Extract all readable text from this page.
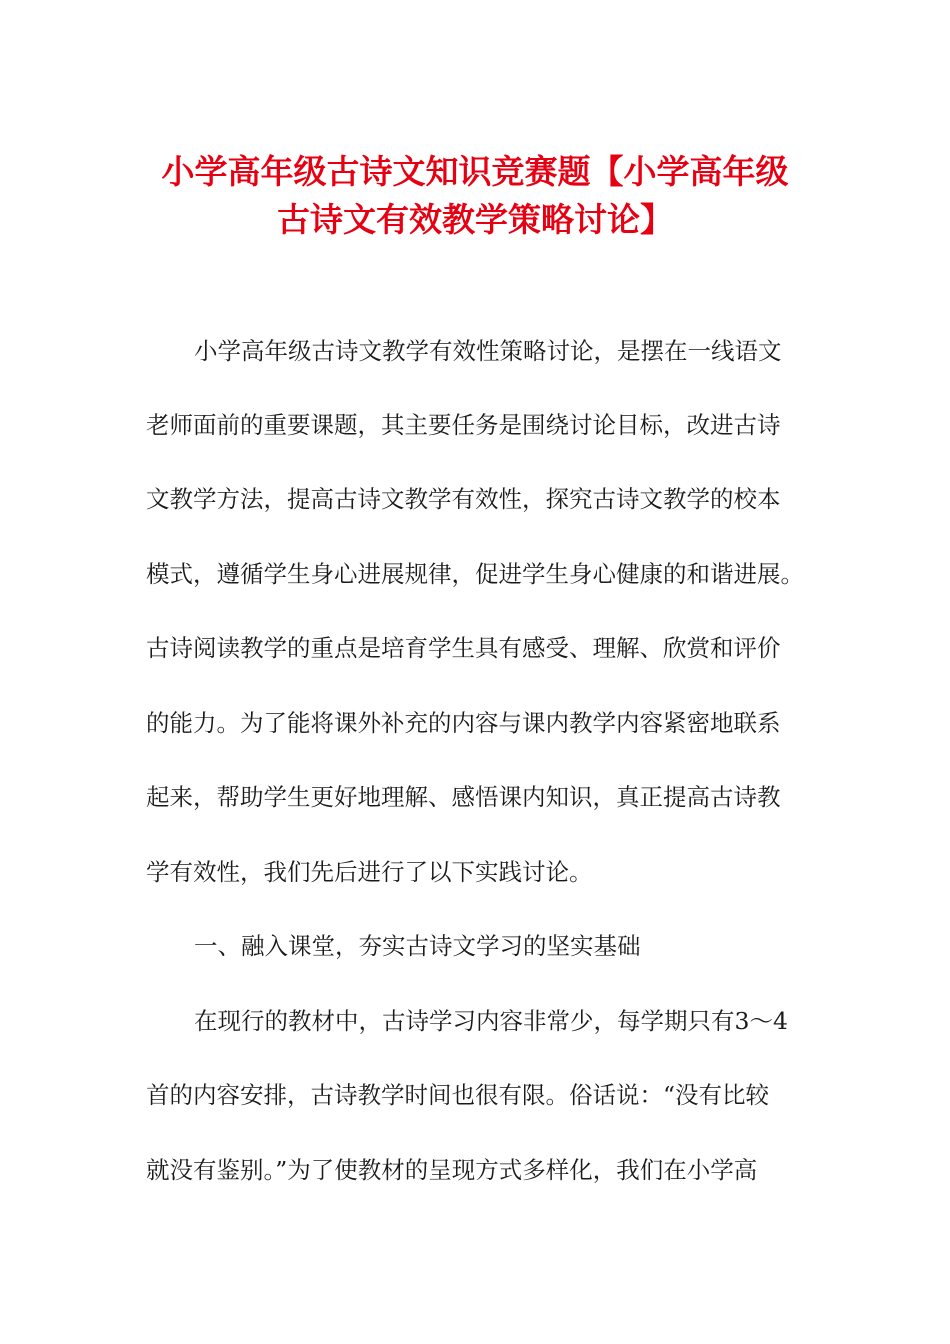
小学高年级古诗文知识竞赛题【小学高年级
古诗文有效教学策略讨论】

小学高年级古诗文教学有效性策略讨论，是摆在一线语文

老师面前的重要课题，其主要任务是围绕讨论目标，改进古诗

文教学方法，提高古诗文教学有效性，探究古诗文教学的校本

模式，遵循学生身心进展规律，促进学生身心健康的和谐进展。

古诗阅读教学的重点是培育学生具有感受、理解、欣赏和评价

的能力。为了能将课外补充的内容与课内教学内容紧密地联系

起来，帮助学生更好地理解、感悟课内知识，真正提高古诗教

学有效性，我们先后进行了以下实践讨论。

一、融入课堂，夯实古诗文学习的坚实基础

在现行的教材中，古诗学习内容非常少，每学期只有3～4

首的内容安排，古诗教学时间也很有限。俗话说：“没有比较

就没有鉴别。”为了使教材的呈现方式多样化，我们在小学高
